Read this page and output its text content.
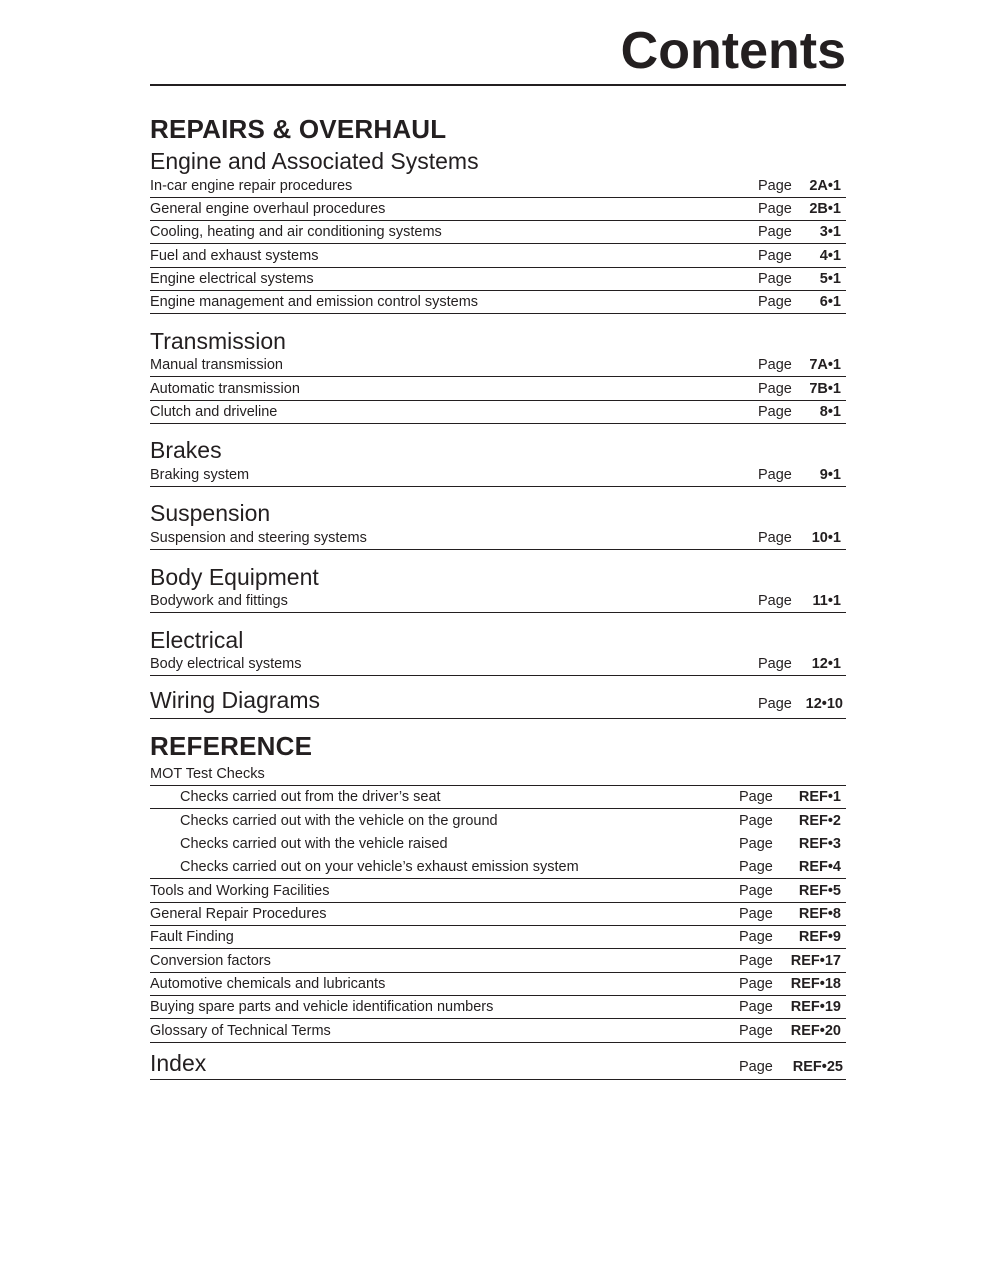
Contents
REPAIRS & OVERHAUL
Engine and Associated Systems
In-car engine repair procedures	Page 2A•1
General engine overhaul procedures	Page 2B•1
Cooling, heating and air conditioning systems	Page 3•1
Fuel and exhaust systems	Page 4•1
Engine electrical systems	Page 5•1
Engine management and emission control systems	Page 6•1
Transmission
Manual transmission	Page 7A•1
Automatic transmission	Page 7B•1
Clutch and driveline	Page 8•1
Brakes
Braking system	Page 9•1
Suspension
Suspension and steering systems	Page 10•1
Body Equipment
Bodywork and fittings	Page 11•1
Electrical
Body electrical systems	Page 12•1
Wiring Diagrams	Page 12•10
REFERENCE
MOT Test Checks
Checks carried out from the driver’s seat	Page REF•1
Checks carried out with the vehicle on the ground	Page REF•2
Checks carried out with the vehicle raised	Page REF•3
Checks carried out on your vehicle’s exhaust emission system	Page REF•4
Tools and Working Facilities	Page REF•5
General Repair Procedures	Page REF•8
Fault Finding	Page REF•9
Conversion factors	Page REF•17
Automotive chemicals and lubricants	Page REF•18
Buying spare parts and vehicle identification numbers	Page REF•19
Glossary of Technical Terms	Page REF•20
Index	Page REF•25
